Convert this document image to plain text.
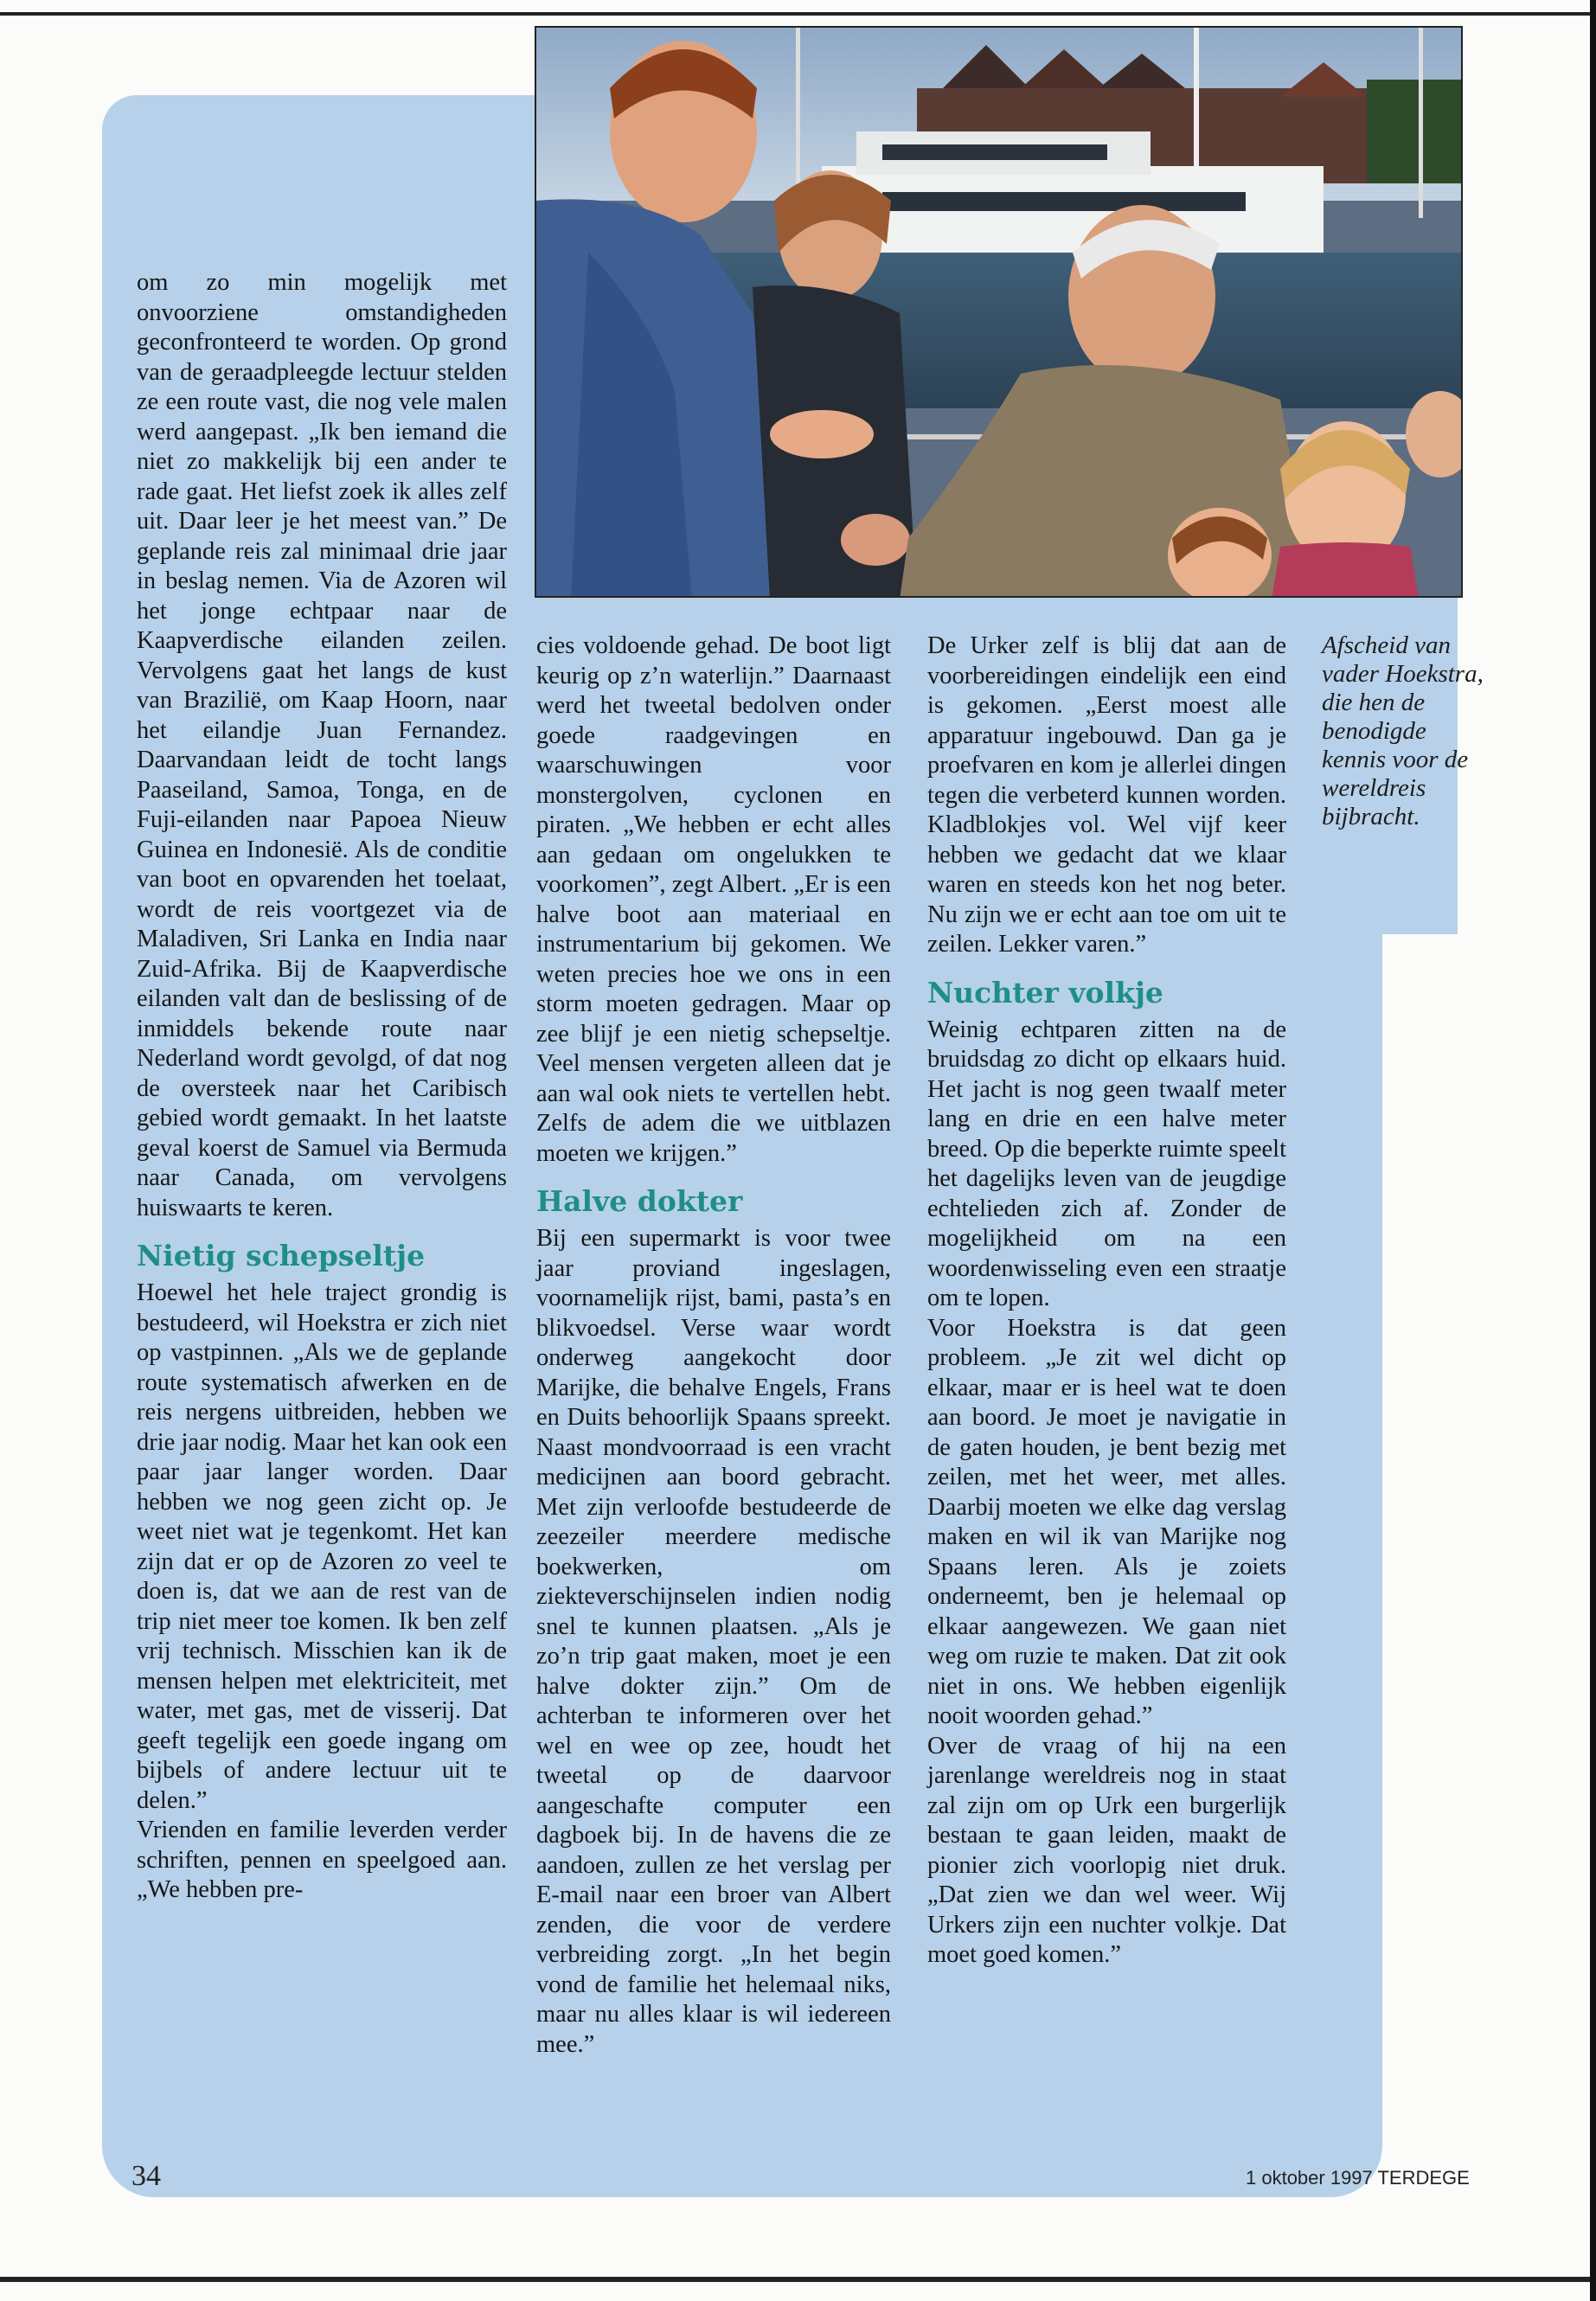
om zo min mogelijk met onvoorziene omstandigheden geconfronteerd te worden. Op grond van de geraadpleegde lectuur stelden ze een route vast, die nog vele malen werd aangepast. „Ik ben iemand die niet zo makkelijk bij een ander te rade gaat. Het liefst zoek ik alles zelf uit. Daar leer je het meest van.” De geplande reis zal minimaal drie jaar in beslag nemen. Via de Azoren wil het jonge echtpaar naar de Kaapverdische eilanden zeilen. Vervolgens gaat het langs de kust van Brazilië, om Kaap Hoorn, naar het eilandje Juan Fernandez. Daarvandaan leidt de tocht langs Paaseiland, Samoa, Tonga, en de Fuji-eilanden naar Papoea Nieuw Guinea en Indonesië. Als de conditie van boot en opvarenden het toelaat, wordt de reis voortgezet via de Maladiven, Sri Lanka en India naar Zuid-Afrika. Bij de Kaapverdische eilanden valt dan de beslissing of de inmiddels bekende route naar Nederland wordt gevolgd, of dat nog de oversteek naar het Caribisch gebied wordt gemaakt. In het laatste geval koerst de Samuel via Bermuda naar Canada, om vervolgens huiswaarts te keren.

Nietig schepseltje

Hoewel het hele traject grondig is bestudeerd, wil Hoekstra er zich niet op vastpinnen. „Als we de geplande route systematisch afwerken en de reis nergens uitbreiden, hebben we drie jaar nodig. Maar het kan ook een paar jaar langer worden. Daar hebben we nog geen zicht op. Je weet niet wat je tegenkomt. Het kan zijn dat er op de Azoren zo veel te doen is, dat we aan de rest van de trip niet meer toe komen. Ik ben zelf vrij technisch. Misschien kan ik de mensen helpen met elektriciteit, met water, met gas, met de visserij. Dat geeft tegelijk een goede ingang om bijbels of andere lectuur uit te delen.”

Vrienden en familie leverden verder schriften, pennen en speelgoed aan. „We hebben pre-

cies voldoende gehad. De boot ligt keurig op z’n waterlijn.” Daarnaast werd het tweetal bedolven onder goede raadgevingen en waarschuwingen voor monstergolven, cyclonen en piraten. „We hebben er echt alles aan gedaan om ongelukken te voorkomen”, zegt Albert. „Er is een halve boot aan materiaal en instrumentarium bij gekomen. We weten precies hoe we ons in een storm moeten gedragen. Maar op zee blijf je een nietig schepseltje. Veel mensen vergeten alleen dat je aan wal ook niets te vertellen hebt. Zelfs de adem die we uitblazen moeten we krijgen.”

Halve dokter

Bij een supermarkt is voor twee jaar proviand ingeslagen, voornamelijk rijst, bami, pasta’s en blikvoedsel. Verse waar wordt onderweg aangekocht door Marijke, die behalve Engels, Frans en Duits behoorlijk Spaans spreekt. Naast mondvoorraad is een vracht medicijnen aan boord gebracht. Met zijn verloofde bestudeerde de zeezeiler meerdere medische boekwerken, om ziekteverschijnselen indien nodig snel te kunnen plaatsen. „Als je zo’n trip gaat maken, moet je een halve dokter zijn.” Om de achterban te informeren over het wel en wee op zee, houdt het tweetal op de daarvoor aangeschafte computer een dagboek bij. In de havens die ze aandoen, zullen ze het verslag per E-mail naar een broer van Albert zenden, die voor de verdere verbreiding zorgt. „In het begin vond de familie het helemaal niks, maar nu alles klaar is wil iedereen mee.”

De Urker zelf is blij dat aan de voorbereidingen eindelijk een eind is gekomen. „Eerst moest alle apparatuur ingebouwd. Dan ga je proefvaren en kom je allerlei dingen tegen die verbeterd kunnen worden. Kladblokjes vol. Wel vijf keer hebben we gedacht dat we klaar waren en steeds kon het nog beter. Nu zijn we er echt aan toe om uit te zeilen. Lekker varen.”

Nuchter volkje

Weinig echtparen zitten na de bruidsdag zo dicht op elkaars huid. Het jacht is nog geen twaalf meter lang en drie en een halve meter breed. Op die beperkte ruimte speelt het dagelijks leven van de jeugdige echtelieden zich af. Zonder de mogelijkheid om na een woordenwisseling even een straatje om te lopen.

Voor Hoekstra is dat geen probleem. „Je zit wel dicht op elkaar, maar er is heel wat te doen aan boord. Je moet je navigatie in de gaten houden, je bent bezig met zeilen, met het weer, met alles. Daarbij moeten we elke dag verslag maken en wil ik van Marijke nog Spaans leren. Als je zoiets onderneemt, ben je helemaal op elkaar aangewezen. We gaan niet weg om ruzie te maken. Dat zit ook niet in ons. We hebben eigenlijk nooit woorden gehad.”

Over de vraag of hij na een jarenlange wereldreis nog in staat zal zijn om op Urk een burgerlijk bestaan te gaan leiden, maakt de pionier zich voorlopig niet druk. „Dat zien we dan wel weer. Wij Urkers zijn een nuchter volkje. Dat moet goed komen.”

Afscheid van vader Hoekstra, die hen de benodigde kennis voor de wereldreis bijbracht.
34	1 oktober 1997 TERDEGE
